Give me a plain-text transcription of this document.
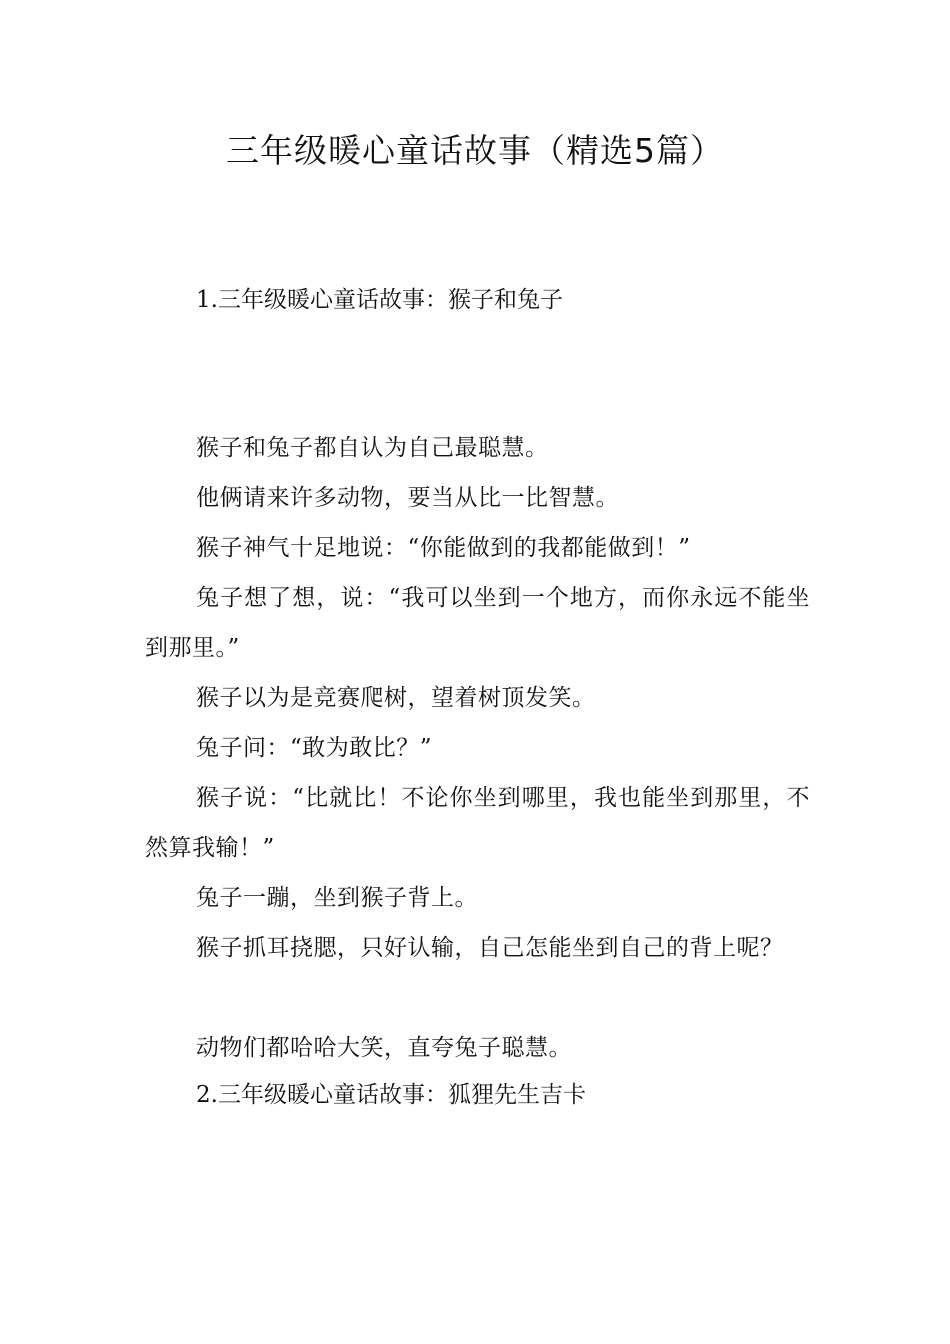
三年级暖心童话故事（精选5篇）

1.三年级暖心童话故事：猴子和兔子

猴子和兔子都自认为自己最聪慧。

他俩请来许多动物，要当从比一比智慧。

猴子神气十足地说：“你能做到的我都能做到！”

兔子想了想，说：“我可以坐到一个地方，而你永远不能坐到那里。”

猴子以为是竞赛爬树，望着树顶发笑。

兔子问：“敢为敢比？”

猴子说：“比就比！不论你坐到哪里，我也能坐到那里，不然算我输！”

兔子一蹦，坐到猴子背上。

猴子抓耳挠腮，只好认输，自己怎能坐到自己的背上呢？

动物们都哈哈大笑，直夸兔子聪慧。

2.三年级暖心童话故事：狐狸先生吉卡
